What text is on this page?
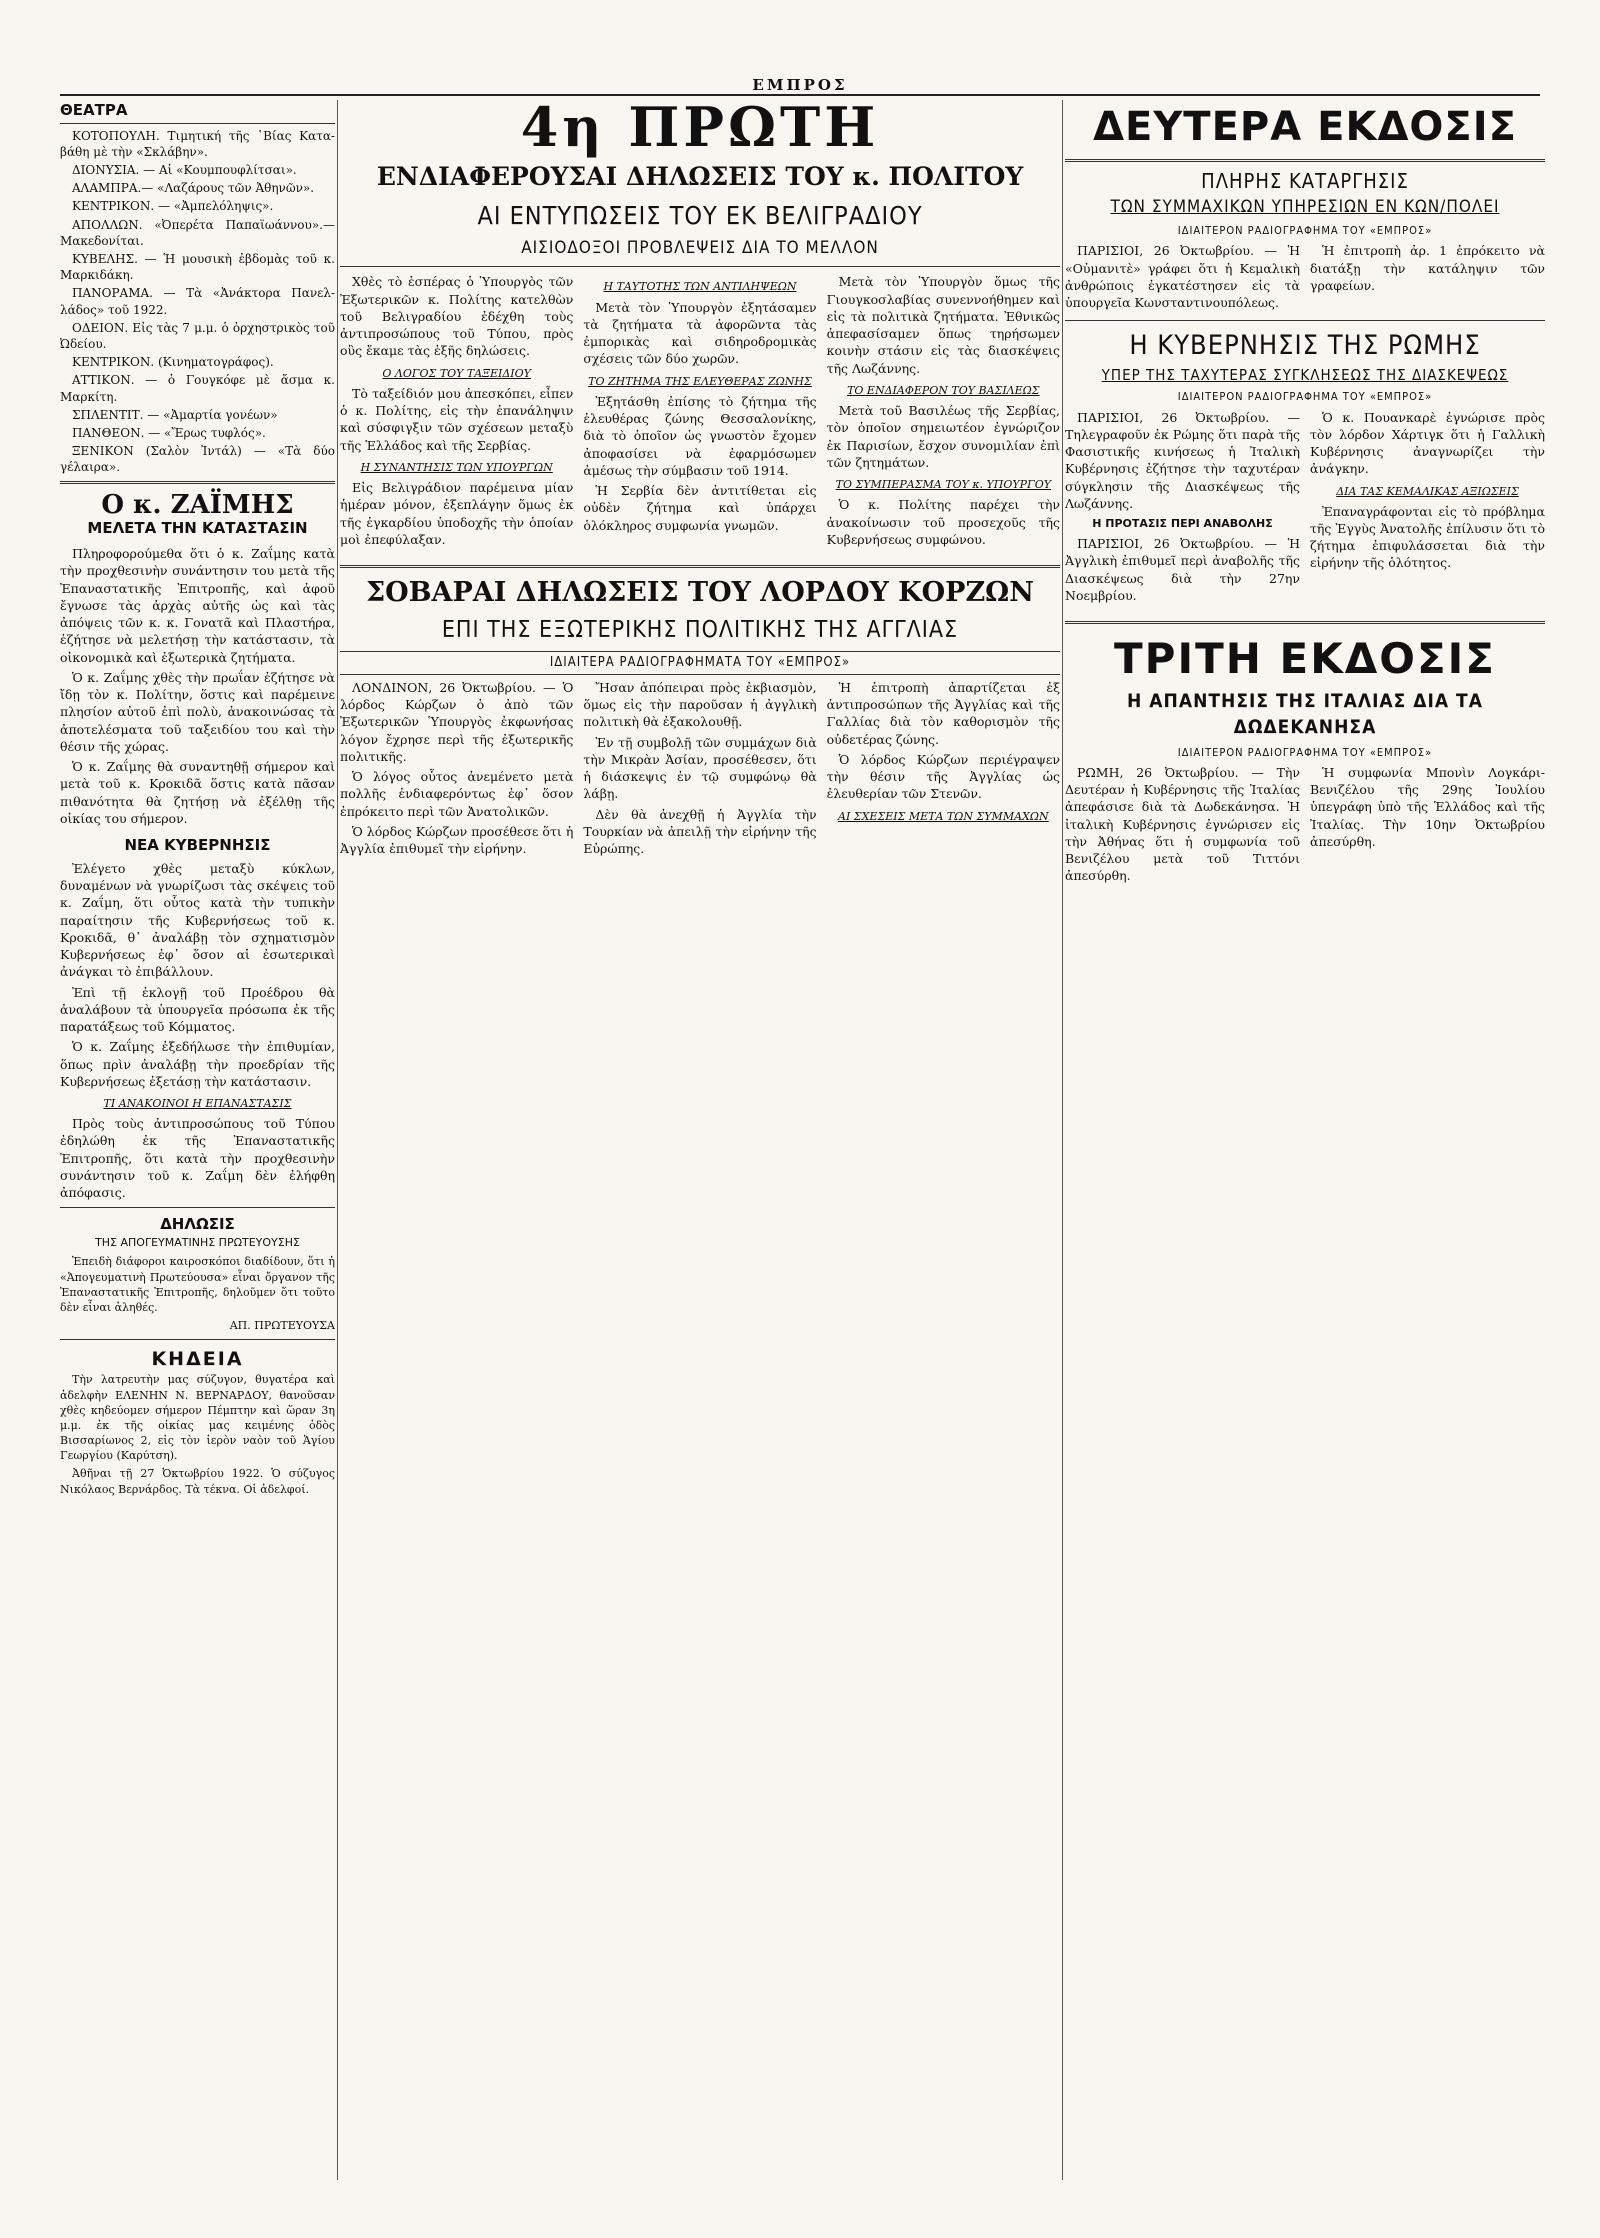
ΕΜΠΡΟΣ
ΘΕΑΤΡΑ

ΚΟΤΟΠΟΥΛΗ. Τιμητική τῆς ῾Βίας Κατα-βάθη μὲ τὴν «Σκλάβην».

ΔΙΟΝΥΣΙΑ. — Αἱ «Κουμπουφλίτσαι».

ΑΛΑΜΠΡΑ.— «Λαζάρους τῶν Ἀθηνῶν».

ΚΕΝΤΡΙΚΟΝ. — «Ἀμπελόληψις».

ΑΠΟΛΛΩΝ. «Ὀπερέτα Παπαϊωάννου».—Μακεδονίται.

ΚΥΒΕΛΗΣ. — Ἡ μουσικὴ ἐβδομὰς τοῦ κ. Μαρκιδάκη.

ΠΑΝΟΡΑΜΑ. — Τὰ «Ἀνάκτορα Πανελ-λάδος» τοῦ 1922.

ΟΔΕΙΟΝ. Εἰς τὰς 7 μ.μ. ὁ ὀρχηστρικὸς τοῦ Ὠδείου.

ΚΕΝΤΡΙΚΟΝ. (Κινηματογράφος).

ΑΤΤΙΚΟΝ. — ὁ Γουγκόφε μὲ ἄσμα κ. Μαρκίτη.

ΣΠΛΕΝΤΙΤ. — «Ἀμαρτία γονέων»

ΠΑΝΘΕΟΝ. — «Ἔρως τυφλός».

ΞΕΝΙΚΟΝ (Σαλὸν Ἰντάλ) — «Τὰ δύο γέλαιρα».

Ο κ. ΖΑΪΜΗΣ
ΜΕΛΕΤΑ ΤΗΝ ΚΑΤΑΣΤΑΣΙΝ

Πληροφορούμεθα ὅτι ὁ κ. Ζαΐμης κατὰ τὴν προχθεσινὴν συνάντησιν του μετὰ τῆς Ἐπαναστατικῆς Ἐπιτροπῆς, καὶ ἀφοῦ ἔγνωσε τὰς ἀρχὰς αὐτῆς ὡς καὶ τὰς ἀπόψεις τῶν κ. κ. Γονατᾶ καὶ Πλαστήρα, ἐζήτησε νὰ μελετήσῃ τὴν κατάστασιν, τὰ οἰκονομικὰ καὶ ἐξωτερικὰ ζητήματα.

Ὁ κ. Ζαΐμης χθὲς τὴν πρωΐαν ἐζήτησε νὰ ἴδῃ τὸν κ. Πολίτην, ὅστις καὶ παρέμεινε πλησίον αὐτοῦ ἐπὶ πολὺ, ἀνακοινώσας τὰ ἀποτελέσματα τοῦ ταξειδίου του καὶ τὴν θέσιν τῆς χώρας.

Ὁ κ. Ζαΐμης θὰ συναντηθῇ σήμερον καὶ μετὰ τοῦ κ. Κροκιδᾶ ὅστις κατὰ πᾶσαν πιθανότητα θὰ ζητήσῃ νὰ ἐξέλθῃ τῆς οἰκίας του σήμερον.

ΝΕΑ ΚΥΒΕΡΝΗΣΙΣ

Ἐλέγετο χθὲς μεταξὺ κύκλων, δυναμένων νὰ γνωρίζωσι τὰς σκέψεις τοῦ κ. Ζαΐμη, ὅτι οὗτος κατὰ τὴν τυπικὴν παραίτησιν τῆς Κυβερνήσεως τοῦ κ. Κροκιδᾶ, θ᾽ ἀναλάβῃ τὸν σχηματισμὸν Κυβερνήσεως ἐφ᾽ ὅσον αἱ ἐσωτερικαὶ ἀνάγκαι τὸ ἐπιβάλλουν.

Ἐπὶ τῇ ἐκλογῇ τοῦ Προέδρου θὰ ἀναλάβουν τὰ ὑπουργεῖα πρόσωπα ἐκ τῆς παρατάξεως τοῦ Κόμματος.

Ὁ κ. Ζαΐμης ἐξεδήλωσε τὴν ἐπιθυμίαν, ὅπως πρὶν ἀναλάβῃ τὴν προεδρίαν τῆς Κυβερνήσεως ἐξετάσῃ τὴν κατάστασιν.

ΤΙ ΑΝΑΚΟΙΝΟΙ Η ΕΠΑΝΑΣΤΑΣΙΣ

Πρὸς τοὺς ἀντιπροσώπους τοῦ Τύπου ἐδηλώθη ἐκ τῆς Ἐπαναστατικῆς Ἐπιτροπῆς, ὅτι κατὰ τὴν προχθεσινὴν συνάντησιν τοῦ κ. Ζαΐμη δὲν ἐλήφθη ἀπόφασις.

ΔΗΛΩΣΙΣ
ΤΗΣ ΑΠΟΓΕΥΜΑΤΙΝΗΣ ΠΡΩΤΕΥΟΥΣΗΣ

Ἐπειδὴ διάφοροι καιροσκόποι διαδίδουν, ὅτι ἡ «Ἀπογευματινὴ Πρωτεύουσα» εἶναι ὄργανον τῆς Ἐπαναστατικῆς Ἐπιτροπῆς, δηλοῦμεν ὅτι τοῦτο δὲν εἶναι ἀληθές.

ΑΠ. ΠΡΩΤΕΥΟΥΣΑ
ΚΗΔΕΙΑ

Τὴν λατρευτὴν μας σύζυγον, θυγατέρα καὶ ἀδελφὴν ΕΛΕΝΗΝ Ν. ΒΕΡΝΑΡΔΟΥ, θανοῦσαν χθὲς κηδεύομεν σήμερον Πέμπτην καὶ ὥραν 3η μ.μ. ἐκ τῆς οἰκίας μας κειμένης ὁδὸς Βισσαρίωνος 2, εἰς τὸν ἱερὸν ναὸν τοῦ Ἁγίου Γεωργίου (Καρύτση).

Ἀθῆναι τῇ 27 Ὀκτωβρίου 1922. Ὁ σύζυγος Νικόλαος Βερνάρδος. Τὰ τέκνα. Οἱ ἀδελφοί.

4η ΠΡΩΤΗ
ΕΝΔΙΑΦΕΡΟΥΣΑΙ ΔΗΛΩΣΕΙΣ ΤΟΥ κ. ΠΟΛΙΤΟΥ
ΑΙ ΕΝΤΥΠΩΣΕΙΣ ΤΟΥ ΕΚ ΒΕΛΙΓΡΑΔΙΟΥ
ΑΙΣΙΟΔΟΞΟΙ ΠΡΟΒΛΕΨΕΙΣ ΔΙΑ ΤΟ ΜΕΛΛΟΝ

Χθὲς τὸ ἑσπέρας ὁ Ὑπουργὸς τῶν Ἐξωτερικῶν κ. Πολίτης κατελθὼν τοῦ Βελιγραδίου ἐδέχθη τοὺς ἀντιπροσώπους τοῦ Τύπου, πρὸς οὓς ἔκαμε τὰς ἑξῆς δηλώσεις.

Ο ΛΟΓΟΣ ΤΟΥ ΤΑΞΕΙΔΙΟΥ

Τὸ ταξείδιόν μου ἀπεσκόπει, εἶπεν ὁ κ. Πολίτης, εἰς τὴν ἐπανάληψιν καὶ σύσφιγξιν τῶν σχέσεων μεταξὺ τῆς Ἑλλάδος καὶ τῆς Σερβίας.

Η ΣΥΝΑΝΤΗΣΙΣ ΤΩΝ ΥΠΟΥΡΓΩΝ

Εἰς Βελιγράδιον παρέμεινα μίαν ἡμέραν μόνον, ἐξεπλάγην ὅμως ἐκ τῆς ἐγκαρδίου ὑποδοχῆς τὴν ὁποίαν μοὶ ἐπεφύλαξαν.

Η ΤΑΥΤΟΤΗΣ ΤΩΝ ΑΝΤΙΛΗΨΕΩΝ

Μετὰ τὸν Ὑπουργὸν ἐξητάσαμεν τὰ ζητήματα τὰ ἀφορῶντα τὰς ἐμπορικὰς καὶ σιδηροδρομικὰς σχέσεις τῶν δύο χωρῶν.

ΤΟ ΖΗΤΗΜΑ ΤΗΣ ΕΛΕΥΘΕΡΑΣ ΖΩΝΗΣ

Ἐξητάσθη ἐπίσης τὸ ζήτημα τῆς ἐλευθέρας ζώνης Θεσσαλονίκης, διὰ τὸ ὁποῖον ὡς γνωστὸν ἔχομεν ἀποφασίσει νὰ ἐφαρμόσωμεν ἀμέσως τὴν σύμβασιν τοῦ 1914.

Ἡ Σερβία δὲν ἀντιτίθεται εἰς οὐδὲν ζήτημα καὶ ὑπάρχει ὁλόκληρος συμφωνία γνωμῶν.

Μετὰ τὸν Ὑπουργὸν ὅμως τῆς Γιουγκοσλαβίας συνεννοήθημεν καὶ εἰς τὰ πολιτικὰ ζητήματα. Ἐθνικῶς ἀπεφασίσαμεν ὅπως τηρήσωμεν κοινὴν στάσιν εἰς τὰς διασκέψεις τῆς Λωζάννης.

ΤΟ ΕΝΔΙΑΦΕΡΟΝ ΤΟΥ ΒΑΣΙΛΕΩΣ

Μετὰ τοῦ Βασιλέως τῆς Σερβίας, τὸν ὁποῖον σημειωτέον ἐγνώριζον ἐκ Παρισίων, ἔσχον συνομιλίαν ἐπὶ τῶν ζητημάτων.

ΤΟ ΣΥΜΠΕΡΑΣΜΑ ΤΟΥ κ. ΥΠΟΥΡΓΟΥ

Ὁ κ. Πολίτης παρέχει τὴν ἀνακοίνωσιν τοῦ προσεχοῦς τῆς Κυβερνήσεως συμφώνου.

ΣΟΒΑΡΑΙ ΔΗΛΩΣΕΙΣ ΤΟΥ ΛΟΡΔΟΥ ΚΟΡΖΩΝ
ΕΠΙ ΤΗΣ ΕΞΩΤΕΡΙΚΗΣ ΠΟΛΙΤΙΚΗΣ ΤΗΣ ΑΓΓΛΙΑΣ
ΙΔΙΑΙΤΕΡΑ ΡΑΔΙΟΓΡΑΦΗΜΑΤΑ ΤΟΥ «ΕΜΠΡΟΣ»

ΛΟΝΔΙΝΟΝ, 26 Ὀκτωβρίου. — Ὁ λόρδος Κώρζων ὁ ἀπὸ τῶν Ἐξωτερικῶν Ὑπουργὸς ἐκφωνήσας λόγον ἔχρησε περὶ τῆς ἐξωτερικῆς πολιτικῆς.

Ὁ λόγος οὗτος ἀνεμένετο μετὰ πολλῆς ἐνδιαφερόντως ἐφ᾽ ὅσον ἐπρόκειτο περὶ τῶν Ἀνατολικῶν.

Ὁ λόρδος Κώρζων προσέθεσε ὅτι ἡ Ἀγγλία ἐπιθυμεῖ τὴν εἰρήνην.

Ἤσαν ἀπόπειραι πρὸς ἐκβιασμὸν, ὅμως εἰς τὴν παροῦσαν ἡ ἀγγλικὴ πολιτικὴ θὰ ἐξακολουθῇ.

Ἐν τῇ συμβολῇ τῶν συμμάχων διὰ τὴν Μικρὰν Ἀσίαν, προσέθεσεν, ὅτι ἡ διάσκεψις ἐν τῷ συμφώνῳ θὰ λάβῃ.

Δὲν θὰ ἀνεχθῇ ἡ Ἀγγλία τὴν Τουρκίαν νὰ ἀπειλῇ τὴν εἰρήνην τῆς Εὐρώπης.

Ἡ ἐπιτροπὴ ἀπαρτίζεται ἐξ ἀντιπροσώπων τῆς Ἀγγλίας καὶ τῆς Γαλλίας διὰ τὸν καθορισμὸν τῆς οὐδετέρας ζώνης.

Ὁ λόρδος Κώρζων περιέγραψεν τὴν θέσιν τῆς Ἀγγλίας ὡς ἐλευθερίαν τῶν Στενῶν.

ΑΙ ΣΧΕΣΕΙΣ ΜΕΤΑ ΤΩΝ ΣΥΜΜΑΧΩΝ
ΔΕΥΤΕΡΑ ΕΚΔΟΣΙΣ
ΠΛΗΡΗΣ ΚΑΤΑΡΓΗΣΙΣ
ΤΩΝ ΣΥΜΜΑΧΙΚΩΝ ΥΠΗΡΕΣΙΩΝ ΕΝ ΚΩΝ/ΠΟΛΕΙ
ΙΔΙΑΙΤΕΡΟΝ ΡΑΔΙΟΓΡΑΦΗΜΑ ΤΟΥ «ΕΜΠΡΟΣ»

ΠΑΡΙΣΙΟΙ, 26 Ὀκτωβρίου. — Ἡ «Οὐμανιτὲ» γράφει ὅτι ἡ Κεμαλικὴ ἀνθρώποις ἐγκατέστησεν εἰς τὰ ὑπουργεῖα Κωνσταντινουπόλεως.

Ἡ ἐπιτροπὴ ἀρ. 1 ἐπρόκειτο νὰ διατάξῃ τὴν κατάληψιν τῶν γραφείων.

Η ΚΥΒΕΡΝΗΣΙΣ ΤΗΣ ΡΩΜΗΣ
ΥΠΕΡ ΤΗΣ ΤΑΧΥΤΕΡΑΣ ΣΥΓΚΛΗΣΕΩΣ ΤΗΣ ΔΙΑΣΚΕΨΕΩΣ
ΙΔΙΑΙΤΕΡΟΝ ΡΑΔΙΟΓΡΑΦΗΜΑ ΤΟΥ «ΕΜΠΡΟΣ»

ΠΑΡΙΣΙΟΙ, 26 Ὀκτωβρίου. — Τηλεγραφοῦν ἐκ Ρώμης ὅτι παρὰ τῆς Φασιστικῆς κινήσεως ἡ Ἰταλικὴ Κυβέρνησις ἐζήτησε τὴν ταχυτέραν σύγκλησιν τῆς Διασκέψεως τῆς Λωζάννης.

Η ΠΡΟΤΑΣΙΣ ΠΕΡΙ ΑΝΑΒΟΛΗΣ

ΠΑΡΙΣΙΟΙ, 26 Ὀκτωβρίου. — Ἡ Ἀγγλικὴ ἐπιθυμεῖ περὶ ἀναβολῆς τῆς Διασκέψεως διὰ τὴν 27ην Νοεμβρίου.

Ὁ κ. Πουανκαρὲ ἐγνώρισε πρὸς τὸν λόρδον Χάρτιγκ ὅτι ἡ Γαλλικὴ Κυβέρνησις ἀναγνωρίζει τὴν ἀνάγκην.

ΔΙΑ ΤΑΣ ΚΕΜΑΛΙΚΑΣ ΑΞΙΩΣΕΙΣ

Ἐπαναγράφονται εἰς τὸ πρόβλημα τῆς Ἐγγὺς Ἀνατολῆς ἐπίλυσιν ὅτι τὸ ζήτημα ἐπιφυλάσσεται διὰ τὴν εἰρήνην τῆς ὁλότητος.

ΤΡΙΤΗ ΕΚΔΟΣΙΣ
Η ΑΠΑΝΤΗΣΙΣ ΤΗΣ ΙΤΑΛΙΑΣ ΔΙΑ ΤΑ ΔΩΔΕΚΑΝΗΣΑ
ΙΔΙΑΙΤΕΡΟΝ ΡΑΔΙΟΓΡΑΦΗΜΑ ΤΟΥ «ΕΜΠΡΟΣ»

ΡΩΜΗ, 26 Ὀκτωβρίου. — Τὴν Δευτέραν ἡ Κυβέρνησις τῆς Ἰταλίας ἀπεφάσισε διὰ τὰ Δωδεκάνησα. Ἡ ἰταλικὴ Κυβέρνησις ἐγνώρισεν εἰς τὴν Ἀθήνας ὅτι ἡ συμφωνία τοῦ Βενιζέλου μετὰ τοῦ Τιττόνι ἀπεσύρθη.

Ἡ συμφωνία Μπονὶν Λογκάρι-Βενιζέλου τῆς 29ης Ἰουλίου ὑπεγράφη ὑπὸ τῆς Ἑλλάδος καὶ τῆς Ἰταλίας. Τὴν 10ην Ὀκτωβρίου ἀπεσύρθη.
